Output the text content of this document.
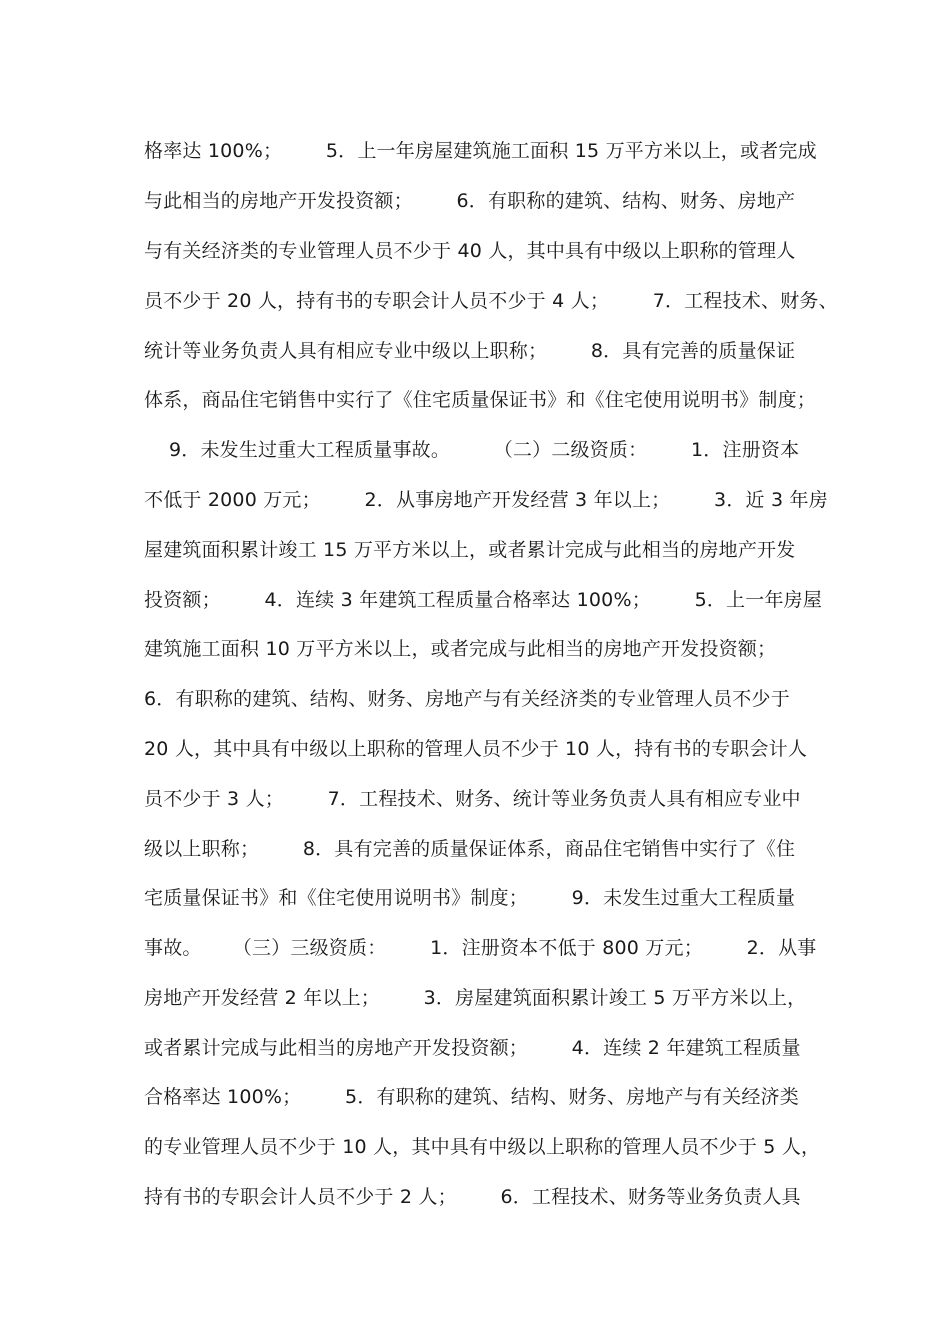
格率达 100%；       5．上一年房屋建筑施工面积 15 万平方米以上，或者完成
与此相当的房地产开发投资额；       6．有职称的建筑、结构、财务、房地产
与有关经济类的专业管理人员不少于 40 人，其中具有中级以上职称的管理人
员不少于 20 人，持有书的专职会计人员不少于 4 人；       7．工程技术、财务、
统计等业务负责人具有相应专业中级以上职称；       8．具有完善的质量保证
体系，商品住宅销售中实行了《住宅质量保证书》和《住宅使用说明书》制度；
9．未发生过重大工程质量事故。       （二）二级资质：       1．注册资本
不低于 2000 万元；       2．从事房地产开发经营 3 年以上；       3．近 3 年房
屋建筑面积累计竣工 15 万平方米以上，或者累计完成与此相当的房地产开发
投资额；       4．连续 3 年建筑工程质量合格率达 100%；       5．上一年房屋
建筑施工面积 10 万平方米以上，或者完成与此相当的房地产开发投资额；
6．有职称的建筑、结构、财务、房地产与有关经济类的专业管理人员不少于
20 人，其中具有中级以上职称的管理人员不少于 10 人，持有书的专职会计人
员不少于 3 人；       7．工程技术、财务、统计等业务负责人具有相应专业中
级以上职称；       8．具有完善的质量保证体系，商品住宅销售中实行了《住
宅质量保证书》和《住宅使用说明书》制度；       9．未发生过重大工程质量
事故。     （三）三级资质：       1．注册资本不低于 800 万元；       2．从事
房地产开发经营 2 年以上；       3．房屋建筑面积累计竣工 5 万平方米以上，
或者累计完成与此相当的房地产开发投资额；       4．连续 2 年建筑工程质量
合格率达 100%；       5．有职称的建筑、结构、财务、房地产与有关经济类
的专业管理人员不少于 10 人，其中具有中级以上职称的管理人员不少于 5 人，
持有书的专职会计人员不少于 2 人；       6．工程技术、财务等业务负责人具
